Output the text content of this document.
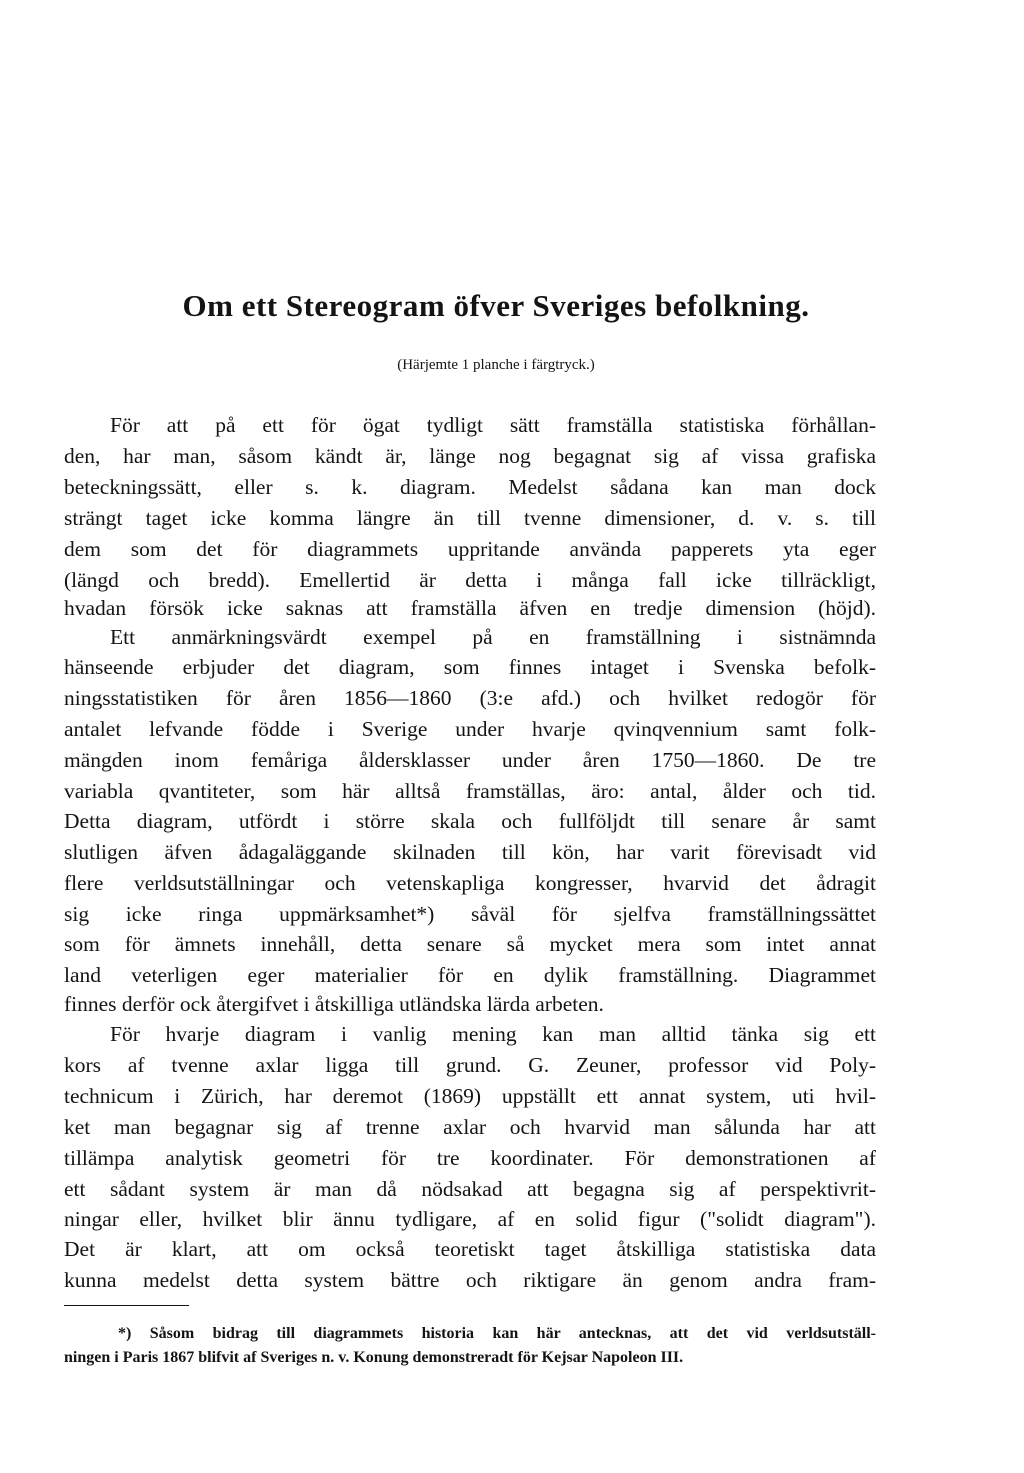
Om ett Stereogram öfver Sveriges befolkning.
(Härjemte 1 planche i färgtryck.)
För att på ett för ögat tydligt sätt framställa statistiska förhållan-
den, har man, såsom kändt är, länge nog begagnat sig af vissa grafiska
beteckningssätt, eller s. k. diagram. Medelst sådana kan man dock
strängt taget icke komma längre än till tvenne dimensioner, d. v. s. till
dem som det för diagrammets uppritande använda papperets yta eger
(längd och bredd). Emellertid är detta i många fall icke tillräckligt,
hvadan försök icke saknas att framställa äfven en tredje dimension (höjd).
Ett anmärkningsvärdt exempel på en framställning i sistnämnda
hänseende erbjuder det diagram, som finnes intaget i Svenska befolk-
ningsstatistiken för åren 1856—1860 (3:e afd.) och hvilket redogör för
antalet lefvande födde i Sverige under hvarje qvinqvennium samt folk-
mängden inom femåriga åldersklasser under åren 1750—1860. De tre
variabla qvantiteter, som här alltså framställas, äro: antal, ålder och tid.
Detta diagram, utfördt i större skala och fullföljdt till senare år samt
slutligen äfven ådagaläggande skilnaden till kön, har varit förevisadt vid
flere verldsutställningar och vetenskapliga kongresser, hvarvid det ådragit
sig icke ringa uppmärksamhet*) såväl för sjelfva framställningssättet
som för ämnets innehåll, detta senare så mycket mera som intet annat
land veterligen eger materialier för en dylik framställning. Diagrammet
finnes derför ock återgifvet i åtskilliga utländska lärda arbeten.
För hvarje diagram i vanlig mening kan man alltid tänka sig ett
kors af tvenne axlar ligga till grund. G. Zeuner, professor vid Poly-
technicum i Zürich, har deremot (1869) uppställt ett annat system, uti hvil-
ket man begagnar sig af trenne axlar och hvarvid man sålunda har att
tillämpa analytisk geometri för tre koordinater. För demonstrationen af
ett sådant system är man då nödsakad att begagna sig af perspektivrit-
ningar eller, hvilket blir ännu tydligare, af en solid figur ("solidt diagram").
Det är klart, att om också teoretiskt taget åtskilliga statistiska data
kunna medelst detta system bättre och riktigare än genom andra fram-
*) Såsom bidrag till diagrammets historia kan här antecknas, att det vid verldsutställ-
ningen i Paris 1867 blifvit af Sveriges n. v. Konung demonstreradt för Kejsar Napoleon III.
